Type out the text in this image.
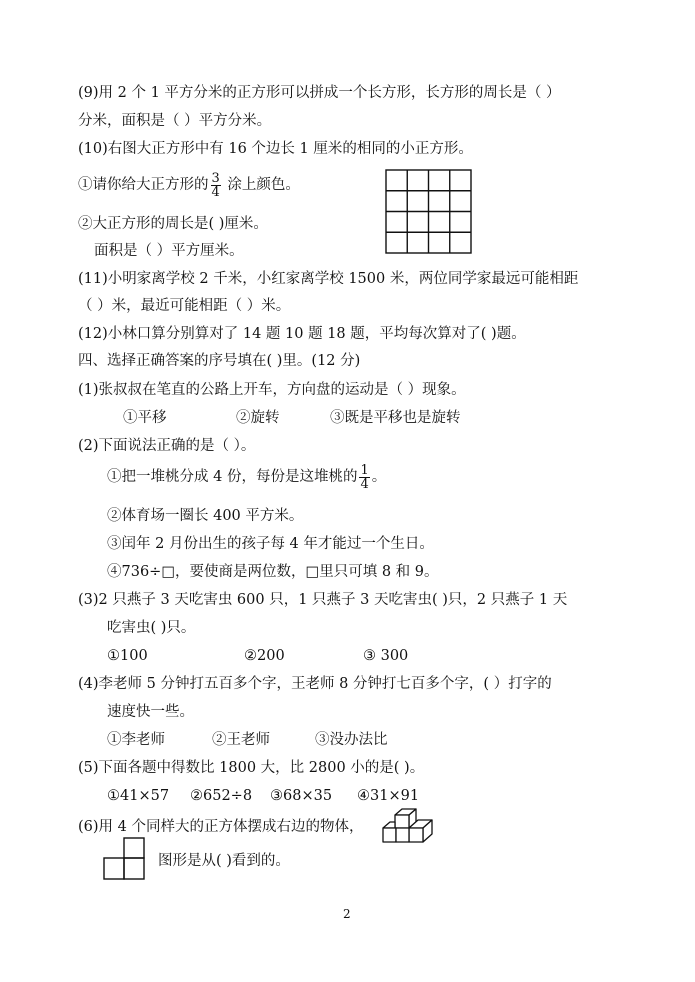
(9)用 2 个 1 平方分米的正方形可以拼成一个长方形，长方形的周长是（ ）
分米，面积是（ ）平方分米。
(10)右图大正方形中有 16 个边长 1 厘米的相同的小正方形。
①请你给大正方形的 $\frac{3}{4}$ 涂上颜色。
②大正方形的周长是( )厘米。
面积是（ ）平方厘米。
(11)小明家离学校 2 千米，小红家离学校 1500 米，两位同学家最远可能相距
（ ）米，最近可能相距（ ）米。
(12)小林口算分别算对了 14 题 10 题 18 题，平均每次算对了( )题。
四、选择正确答案的序号填在( )里。(12 分)
(1)张叔叔在笔直的公路上开车，方向盘的运动是（ ）现象。
①平移	②旋转	③既是平移也是旋转
(2)下面说法正确的是（ ）。
①把一堆桃分成 4 份，每份是这堆桃的 $\frac{1}{4}$ 。
②体育场一圈长 400 平方米。
③闰年 2 月份出生的孩子每 4 年才能过一个生日。
④736÷□，要使商是两位数，□里只可填 8 和 9。
(3)2 只燕子 3 天吃害虫 600 只，1 只燕子 3 天吃害虫( )只，2 只燕子 1 天
吃害虫( )只。
①100	②200	③ 300
(4)李老师 5 分钟打五百多个字，王老师 8 分钟打七百多个字，( ）打字的
速度快一些。
①李老师	②王老师	③没办法比
(5)下面各题中得数比 1800 大，比 2800 小的是( )。
①41×57 ②652÷8 ③68×35 ④31×91
(6)用 4 个同样大的正方体摆成右边的物体，
图形是从( )看到的。
2
